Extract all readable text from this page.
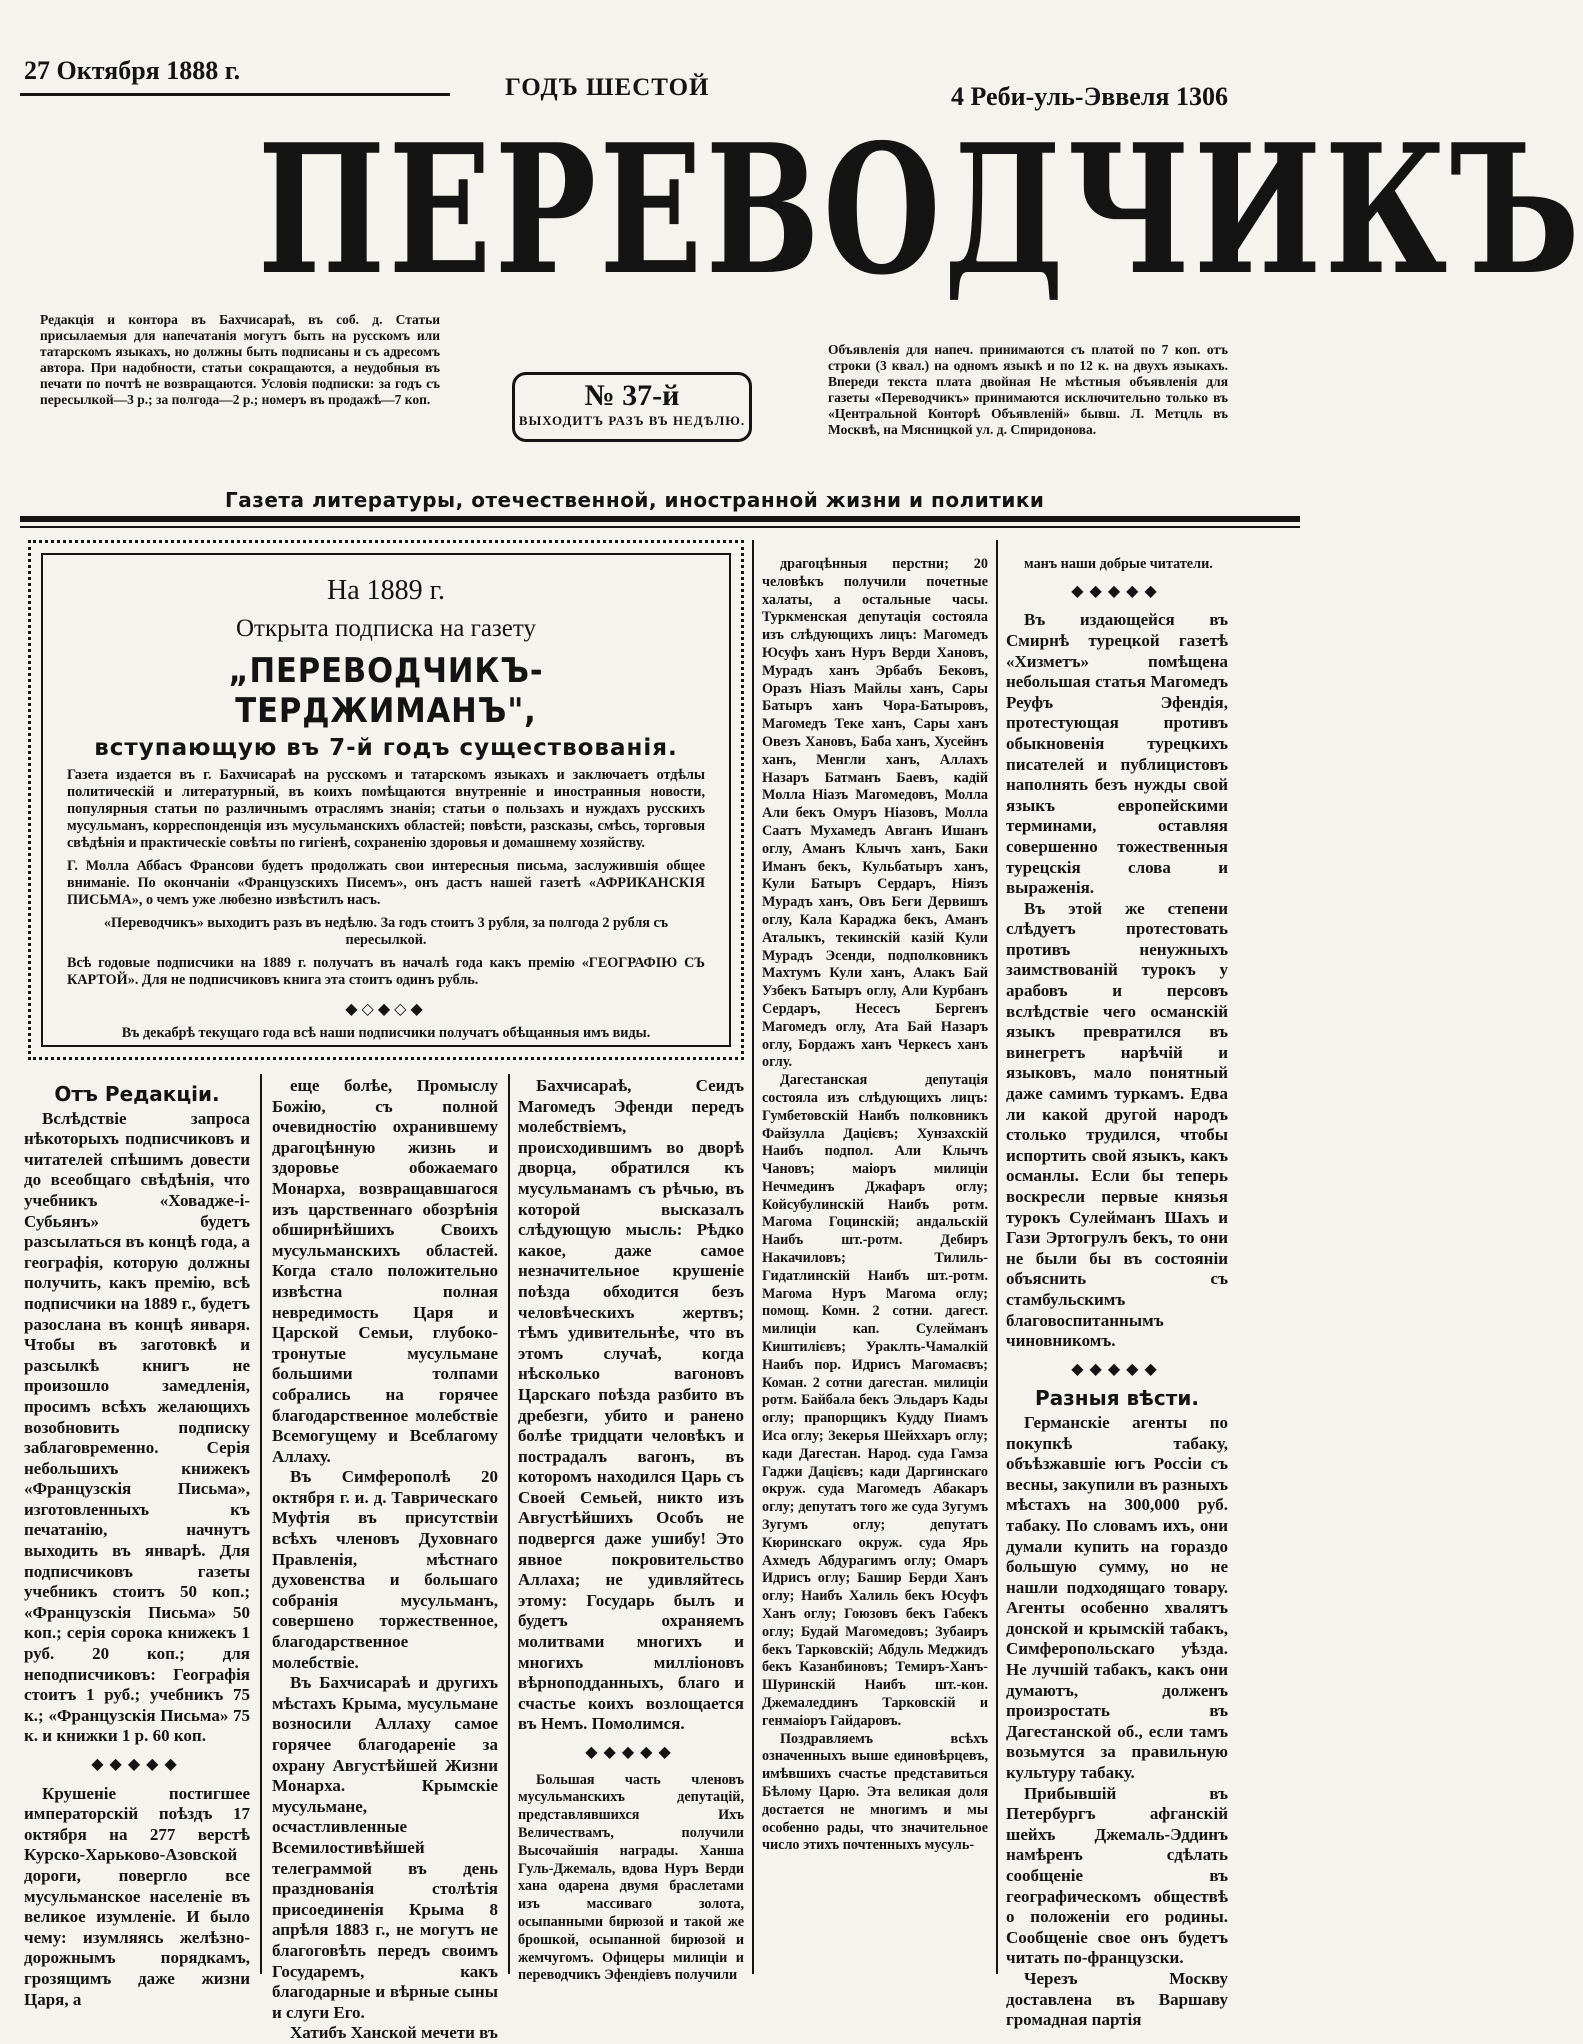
27 Октября 1888 г.
ГОДЪ ШЕСТОЙ	4 Реби-уль-Эввеля 1306
ПЕРЕВОДЧИКЪ
Редакція и контора въ Бахчисараѣ, въ соб. д. Статьи присылаемыя для напечатанія могутъ быть на русскомъ или татарскомъ языкахъ, но должны быть подписаны и съ адресомъ автора. При надобности, статьи сокращаются, а неудобныя въ печати по почтѣ не возвращаются. Условія подписки: за годъ съ пересылкой—3 р.; за полгода—2 р.; номеръ въ продажѣ—7 коп.	№ 37-й
ВЫХОДИТЪ РАЗЪ ВЪ НЕДѢЛЮ.
Объявленія для напеч. принимаются съ платой по 7 коп. отъ строки (3 квал.) на одномъ языкѣ и по 12 к. на двухъ языкахъ. Впереди текста плата двойная Не мѣстныя объявленія для газеты «Переводчикъ» принимаются исключительно только въ «Центральной Конторѣ Объявленій» бывш. Л. Метцль въ Москвѣ, на Мясницкой ул. д. Спиридонова.
Газета литературы, отечественной, иностранной жизни и политики
На 1889 г.
Открыта подписка на газету
„ПЕРЕВОДЧИКЪ-ТЕРДЖИМАНЪ",
вступающую въ 7-й годъ существованія.
Газета издается въ г. Бахчисараѣ на русскомъ и татарскомъ языкахъ и заключаетъ отдѣлы политическій и литературный, въ коихъ помѣщаются внутренніе и иностранныя новости, популярныя статьи по различнымъ отраслямъ знанія; статьи о пользахъ и нуждахъ русскихъ мусульманъ, корреспонденція изъ мусульманскихъ областей; повѣсти, разсказы, смѣсь, торговыя свѣдѣнія и практическіе совѣты по гигіенѣ, сохраненію здоровья и домашнему хозяйству.
Г. Молла Аббасъ Франсови будетъ продолжать свои интересныя письма, заслужившія общее вниманіе. По окончаніи «Французскихъ Писемъ», онъ дастъ нашей газетѣ «АФРИКАНСКІЯ ПИСЬМА», о чемъ уже любезно извѣстилъ насъ.
«Переводчикъ» выходитъ разъ въ недѣлю. За годъ стоитъ 3 рубля, за полгода 2 рубля съ пересылкой.
Всѣ годовые подписчики на 1889 г. получатъ въ началѣ года какъ премію «ГЕОГРАФІЮ СЪ КАРТОЙ». Для не подписчиковъ книга эта стоитъ одинъ рубль.
◆◇◆◇◆
Въ декабрѣ текущаго года всѣ наши подписчики получатъ обѣщанныя имъ виды.
Отъ Редакціи.

Вслѣдствіе запроса нѣкоторыхъ подписчиковъ и читателей спѣшимъ довести до всеобщаго свѣдѣнія, что учебникъ «Ховадже-і-Субьянъ» будетъ разсылаться въ концѣ года, а географія, которую должны получить, какъ премію, всѣ подписчики на 1889 г., будетъ разослана въ концѣ января. Чтобы въ заготовкѣ и разсылкѣ книгъ не произошло замедленія, просимъ всѣхъ желающихъ возобновить подписку заблаговременно. Серія небольшихъ книжекъ «Французскія Письма», изготовленныхъ къ печатанію, начнутъ выходить въ январѣ. Для подписчиковъ газеты учебникъ стоитъ 50 коп.; «Французскія Письма» 50 коп.; серія сорока книжекъ 1 руб. 20 коп.; для неподписчиковъ: Географія стоитъ 1 руб.; учебникъ 75 к.; «Французскія Письма» 75 к. и книжки 1 р. 60 коп.

◆◆◆◆◆

Крушеніе постигшее императорскій поѣздъ 17 октября на 277 верстѣ Курско-Харьково-Азовской дороги, повергло все мусульманское населеніе въ великое изумленіе. И было чему: изумляясь желѣзно-дорожнымъ порядкамъ, грозящимъ даже жизни Царя, а

еще болѣе, Промыслу Божію, съ полной очевидностію охранившему драгоцѣнную жизнь и здоровье обожаемаго Монарха, возвращавшагося изъ царственнаго обозрѣнія обширнѣйшихъ Своихъ мусульманскихъ областей. Когда стало положительно извѣстна полная невредимость Царя и Царской Семьи, глубоко-тронутые мусульмане большими толпами собрались на горячее благодарственное молебствіе Всемогущему и Всеблагому Аллаху.

Въ Симферополѣ 20 октября г. и. д. Таврическаго Муфтія въ присутствіи всѣхъ членовъ Духовнаго Правленія, мѣстнаго духовенства и большаго собранія мусульманъ, совершено торжественное, благодарственное молебствіе.

Въ Бахчисараѣ и другихъ мѣстахъ Крыма, мусульмане возносили Аллаху самое горячее благодареніе за охрану Августѣйшей Жизни Монарха. Крымскіе мусульмане, осчастливленные Всемилостивѣйшей телеграммой въ день празднованія столѣтія присоединенія Крыма 8 апрѣля 1883 г., не могутъ не благоговѣть передъ своимъ Государемъ, какъ благодарные и вѣрные сыны и слуги Его.

Хатибъ Ханской мечети въ

Бахчисараѣ, Сеидъ Магомедъ Эфенди передъ молебствіемъ, происходившимъ во дворѣ дворца, обратился къ мусульманамъ съ рѣчью, въ которой высказалъ слѣдующую мысль: Рѣдко какое, даже самое незначительное крушеніе поѣзда обходится безъ человѣческихъ жертвъ; тѣмъ удивительнѣе, что въ этомъ случаѣ, когда нѣсколько вагоновъ Царскаго поѣзда разбито въ дребезги, убито и ранено болѣе тридцати человѣкъ и пострадалъ вагонъ, въ которомъ находился Царь съ Своей Семьей, никто изъ Августѣйшихъ Особъ не подвергся даже ушибу! Это явное покровительство Аллаха; не удивляйтесь этому: Государь былъ и будетъ охраняемъ молитвами многихъ и многихъ милліоновъ вѣрноподданныхъ, благо и счастье коихъ возлощается въ Немъ. Помолимся.

◆◆◆◆◆

Большая часть членовъ мусульманскихъ депутацій, представлявшихся Ихъ Величествамъ, получили Высочайшія награды. Ханша Гуль-Джемаль, вдова Нуръ Верди хана одарена двумя браслетами изъ массиваго золота, осыпанными бирюзой и такой же брошкой, осыпанной бирюзой и жемчугомъ. Офицеры милиціи и переводчикъ Эфендіевъ получили

драгоцѣнныя перстни; 20 человѣкъ получили почетные халаты, а остальные часы. Туркменская депутація состояла изъ слѣдующихъ лицъ: Магомедъ Юсуфъ ханъ Нуръ Верди Хановъ, Мурадъ ханъ Эрбабъ Бековъ, Оразъ Ніазъ Майлы ханъ, Сары Батыръ ханъ Чора-Батыровъ, Магомедъ Теке ханъ, Сары ханъ Овезъ Хановъ, Баба ханъ, Хусейнъ ханъ, Менгли ханъ, Аллахъ Назаръ Батманъ Баевъ, кадій Молла Ніазъ Магомедовъ, Молла Али бекъ Омуръ Ніазовъ, Молла Саатъ Мухамедъ Авганъ Ишанъ оглу, Аманъ Клычъ ханъ, Баки Иманъ бекъ, Кульбатыръ ханъ, Кули Батыръ Сердаръ, Ніязъ Мурадъ ханъ, Овъ Беги Дервишъ оглу, Кала Караджа бекъ, Аманъ Аталыкъ, текинскій казій Кули Мурадъ Эсенди, подполковникъ Махтумъ Кули ханъ, Алакъ Бай Узбекъ Батыръ оглу, Али Курбанъ Сердаръ, Несесъ Бергенъ Магомедъ оглу, Ата Бай Назаръ оглу, Бордажъ ханъ Черкесъ ханъ оглу.

Дагестанская депутація состояла изъ слѣдующихъ лицъ: Гумбетовскій Наибъ полковникъ Файзулла Дацієвъ; Хунзахскій Наибъ подпол. Али Клычъ Чановъ; маіоръ милиціи Нечмединъ Джафаръ оглу; Койсубулинскій Наибъ ротм. Магома Гоцинскій; андальскій Наибъ шт.-ротм. Дебиръ Накачиловъ; Тилиль-Гидатлинскій Наибъ шт.-ротм. Магома Нуръ Магома оглу; помощ. Комн. 2 сотни. дагест. милиціи кап. Сулейманъ Киштилієвъ; Ураклть-Чамалкій Наибъ пор. Идрисъ Магомаєвъ; Коман. 2 сотни дагестан. милиціи ротм. Байбала бекъ Эльдаръ Кады оглу; прапорщикъ Кудду Пиамъ Иса оглу; Зекерья Шейххаръ оглу; кади Дагестан. Народ. суда Гамза Гаджи Дацієвъ; кади Даргинскаго окруж. суда Магомедъ Абакаръ оглу; депутатъ того же суда Зугумъ Зугумъ оглу; депутатъ Кюринскаго окруж. суда Ярь Ахмедъ Абдурагимъ оглу; Омаръ Идрисъ оглу; Башир Берди Ханъ оглу; Наибъ Халиль бекъ Юсуфъ Ханъ оглу; Гоюзовъ бекъ Габекъ оглу; Будай Магомедовъ; Зубаиръ бекъ Тарковскій; Абдуль Меджидъ бекъ Казанбиновъ; Темиръ-Ханъ-Шуринскій Наибъ шт.-кон. Джемаледдинъ Тарковскій и генмаіоръ Гайдаровъ.

Поздравляемъ всѣхъ означенныхъ выше единовѣрцевъ, имѣвшихъ счастье представиться Бѣлому Царю. Эта великая доля достается не многимъ и мы особенно рады, что значительное число этихъ почтенныхъ мусуль-

манъ наши добрые читатели.

◆◆◆◆◆

Въ издающейся въ Смирнѣ турецкой газетѣ «Хизметъ» помѣщена небольшая статья Магомедъ Реуфъ Эфендія, протестующая противъ обыкновенія турецкихъ писателей и публицистовъ наполнять безъ нужды свой языкъ европейскими терминами, оставляя совершенно тожественныя турецскія слова и выраженія.

Въ этой же степени слѣдуетъ протестовать противъ ненужныхъ заимствованій турокъ у арабовъ и персовъ вслѣдствіе чего османскій языкъ превратился въ винегретъ нарѣчій и языковъ, мало понятный даже самимъ туркамъ. Едва ли какой другой народъ столько трудился, чтобы испортить свой языкъ, какъ османлы. Если бы теперь воскресли первые князья турокъ Сулейманъ Шахъ и Гази Эртогрулъ бекъ, то они не были бы въ состояніи объяснить съ стамбульскимъ благовоспитаннымъ чиновникомъ.

◆◆◆◆◆
Разныя вѣсти.

Германскіе агенты по покупкѣ табаку, объѣзжавшіе югъ Россіи съ весны, закупили въ разныхъ мѣстахъ на 300,000 руб. табаку. По словамъ ихъ, они думали купить на гораздо большую сумму, но не нашли подходящаго товару. Агенты особенно хвалятъ донской и крымскій табакъ, Симферопольскаго уѣзда. Не лучшій табакъ, какъ они думаютъ, долженъ произростать въ Дагестанской об., если тамъ возьмутся за правильную культуру табаку.

Прибывшій въ Петербургъ афганскій шейхъ Джемаль-Эддинъ намѣренъ сдѣлать сообщеніе въ географическомъ обществѣ о положеніи его родины. Сообщеніе свое онъ будетъ читать по-французски.

Черезъ Москву доставлена въ Варшаву громадная партія
